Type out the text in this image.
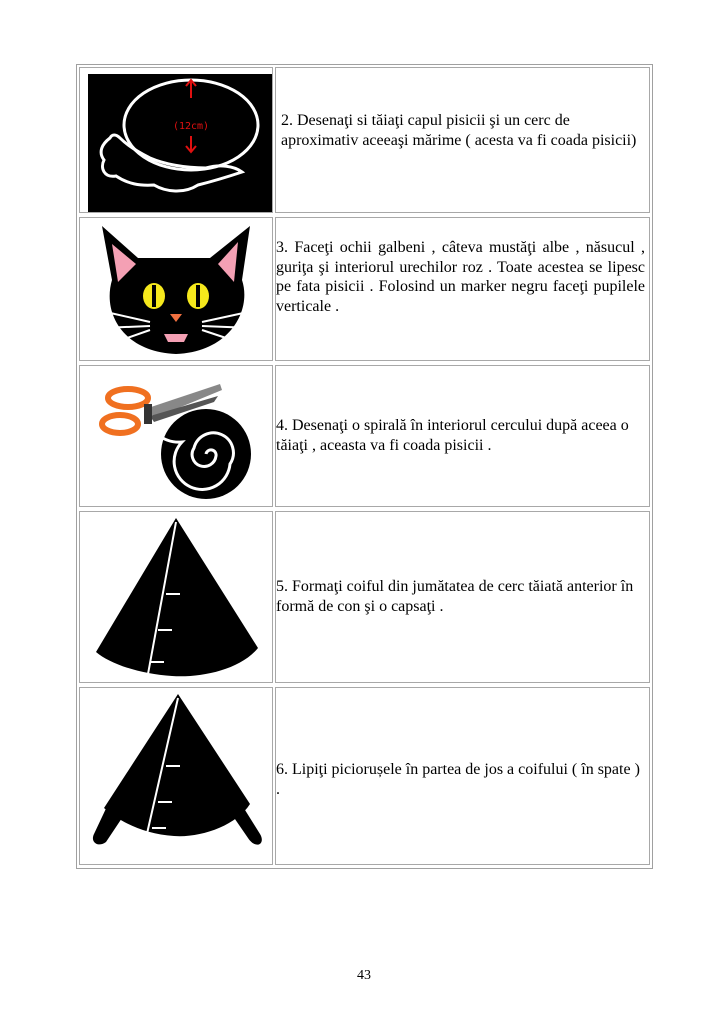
(12cm)	2. Desenaţi si tăiaţi capul pisicii şi un cerc de aproximativ aceeaşi mărime ( acesta va fi coada pisicii)

3. Faceţi ochii galbeni , câteva mustăţi albe , năsucul , guriţa şi interiorul urechilor roz . Toate acestea se lipesc pe fata pisicii . Folosind un marker negru faceţi pupilele verticale .

4. Desenaţi o spirală în interiorul cercului după aceea o tăiaţi , aceasta va fi coada pisicii .

5. Formaţi coiful din jumătatea de cerc tăiată anterior în formă de con şi o capsaţi .

6. Lipiţi piciorușele în partea de jos a coifului ( în spate ) .

43
